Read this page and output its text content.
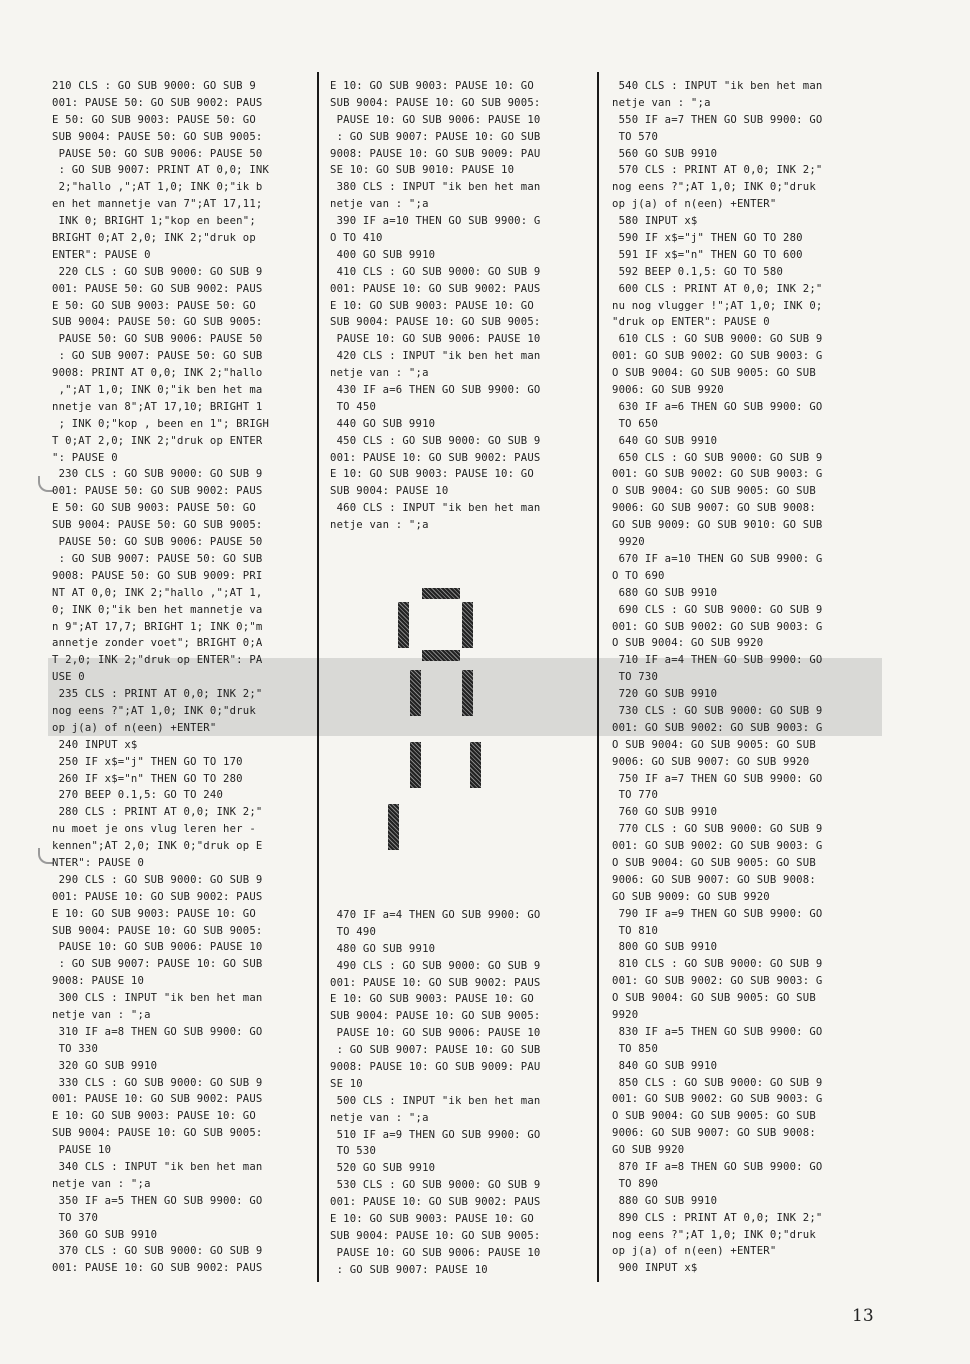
210 CLS : GO SUB 9000: GO SUB 9
001: PAUSE 50: GO SUB 9002: PAUS
E 50: GO SUB 9003: PAUSE 50: GO
SUB 9004: PAUSE 50: GO SUB 9005:
PAUSE 50: GO SUB 9006: PAUSE 50
: GO SUB 9007: PRINT AT 0,0; INK
2;"hallo ,";AT 1,0; INK 0;"ik b
en het mannetje van 7";AT 17,11;
INK 0; BRIGHT 1;"kop en been";
BRIGHT 0;AT 2,0; INK 2;"druk op
ENTER": PAUSE 0
220 CLS : GO SUB 9000: GO SUB 9
001: PAUSE 50: GO SUB 9002: PAUS
E 50: GO SUB 9003: PAUSE 50: GO
SUB 9004: PAUSE 50: GO SUB 9005:
PAUSE 50: GO SUB 9006: PAUSE 50
: GO SUB 9007: PAUSE 50: GO SUB
9008: PRINT AT 0,0; INK 2;"hallo
,";AT 1,0; INK 0;"ik ben het ma
nnetje van 8";AT 17,10; BRIGHT 1
; INK 0;"kop , been en 1"; BRIGH
T 0;AT 2,0; INK 2;"druk op ENTER
": PAUSE 0
230 CLS : GO SUB 9000: GO SUB 9
001: PAUSE 50: GO SUB 9002: PAUS
E 50: GO SUB 9003: PAUSE 50: GO
SUB 9004: PAUSE 50: GO SUB 9005:
PAUSE 50: GO SUB 9006: PAUSE 50
: GO SUB 9007: PAUSE 50: GO SUB
9008: PAUSE 50: GO SUB 9009: PRI
NT AT 0,0; INK 2;"hallo ,";AT 1,
0; INK 0;"ik ben het mannetje va
n 9";AT 17,7; BRIGHT 1; INK 0;"m
annetje zonder voet"; BRIGHT 0;A
T 2,0; INK 2;"druk op ENTER": PA
USE 0
235 CLS : PRINT AT 0,0; INK 2;"
nog eens ?";AT 1,0; INK 0;"druk
op j(a) of n(een) +ENTER"
240 INPUT x$
250 IF x$="j" THEN GO TO 170
260 IF x$="n" THEN GO TO 280
270 BEEP 0.1,5: GO TO 240
280 CLS : PRINT AT 0,0; INK 2;"
nu moet je ons vlug leren her -
kennen";AT 2,0; INK 0;"druk op E
NTER": PAUSE 0
290 CLS : GO SUB 9000: GO SUB 9
001: PAUSE 10: GO SUB 9002: PAUS
E 10: GO SUB 9003: PAUSE 10: GO
SUB 9004: PAUSE 10: GO SUB 9005:
PAUSE 10: GO SUB 9006: PAUSE 10
: GO SUB 9007: PAUSE 10: GO SUB
9008: PAUSE 10
300 CLS : INPUT "ik ben het man
netje van : ";a
310 IF a=8 THEN GO SUB 9900: GO
TO 330
320 GO SUB 9910
330 CLS : GO SUB 9000: GO SUB 9
001: PAUSE 10: GO SUB 9002: PAUS
E 10: GO SUB 9003: PAUSE 10: GO
SUB 9004: PAUSE 10: GO SUB 9005:
PAUSE 10
340 CLS : INPUT "ik ben het man
netje van : ";a
350 IF a=5 THEN GO SUB 9900: GO
TO 370
360 GO SUB 9910
370 CLS : GO SUB 9000: GO SUB 9
001: PAUSE 10: GO SUB 9002: PAUS
E 10: GO SUB 9003: PAUSE 10: GO
SUB 9004: PAUSE 10: GO SUB 9005:
PAUSE 10: GO SUB 9006: PAUSE 10
: GO SUB 9007: PAUSE 10: GO SUB
9008: PAUSE 10: GO SUB 9009: PAU
SE 10: GO SUB 9010: PAUSE 10
380 CLS : INPUT "ik ben het man
netje van : ";a
390 IF a=10 THEN GO SUB 9900: G
O TO 410
400 GO SUB 9910
410 CLS : GO SUB 9000: GO SUB 9
001: PAUSE 10: GO SUB 9002: PAUS
E 10: GO SUB 9003: PAUSE 10: GO
SUB 9004: PAUSE 10: GO SUB 9005:
PAUSE 10: GO SUB 9006: PAUSE 10
420 CLS : INPUT "ik ben het man
netje van : ";a
430 IF a=6 THEN GO SUB 9900: GO
TO 450
440 GO SUB 9910
450 CLS : GO SUB 9000: GO SUB 9
001: PAUSE 10: GO SUB 9002: PAUS
E 10: GO SUB 9003: PAUSE 10: GO
SUB 9004: PAUSE 10
460 CLS : INPUT "ik ben het man
netje van : ";a
470 IF a=4 THEN GO SUB 9900: GO
TO 490
480 GO SUB 9910
490 CLS : GO SUB 9000: GO SUB 9
001: PAUSE 10: GO SUB 9002: PAUS
E 10: GO SUB 9003: PAUSE 10: GO
SUB 9004: PAUSE 10: GO SUB 9005:
PAUSE 10: GO SUB 9006: PAUSE 10
: GO SUB 9007: PAUSE 10: GO SUB
9008: PAUSE 10: GO SUB 9009: PAU
SE 10
500 CLS : INPUT "ik ben het man
netje van : ";a
510 IF a=9 THEN GO SUB 9900: GO
TO 530
520 GO SUB 9910
530 CLS : GO SUB 9000: GO SUB 9
001: PAUSE 10: GO SUB 9002: PAUS
E 10: GO SUB 9003: PAUSE 10: GO
SUB 9004: PAUSE 10: GO SUB 9005:
PAUSE 10: GO SUB 9006: PAUSE 10
: GO SUB 9007: PAUSE 10
540 CLS : INPUT "ik ben het man
netje van : ";a
550 IF a=7 THEN GO SUB 9900: GO
TO 570
560 GO SUB 9910
570 CLS : PRINT AT 0,0; INK 2;"
nog eens ?";AT 1,0; INK 0;"druk
op j(a) of n(een) +ENTER"
580 INPUT x$
590 IF x$="j" THEN GO TO 280
591 IF x$="n" THEN GO TO 600
592 BEEP 0.1,5: GO TO 580
600 CLS : PRINT AT 0,0; INK 2;"
nu nog vlugger !";AT 1,0; INK 0;
"druk op ENTER": PAUSE 0
610 CLS : GO SUB 9000: GO SUB 9
001: GO SUB 9002: GO SUB 9003: G
O SUB 9004: GO SUB 9005: GO SUB
9006: GO SUB 9920
630 IF a=6 THEN GO SUB 9900: GO
TO 650
640 GO SUB 9910
650 CLS : GO SUB 9000: GO SUB 9
001: GO SUB 9002: GO SUB 9003: G
O SUB 9004: GO SUB 9005: GO SUB
9006: GO SUB 9007: GO SUB 9008:
GO SUB 9009: GO SUB 9010: GO SUB
9920
670 IF a=10 THEN GO SUB 9900: G
O TO 690
680 GO SUB 9910
690 CLS : GO SUB 9000: GO SUB 9
001: GO SUB 9002: GO SUB 9003: G
O SUB 9004: GO SUB 9920
710 IF a=4 THEN GO SUB 9900: GO
TO 730
720 GO SUB 9910
730 CLS : GO SUB 9000: GO SUB 9
001: GO SUB 9002: GO SUB 9003: G
O SUB 9004: GO SUB 9005: GO SUB
9006: GO SUB 9007: GO SUB 9920
750 IF a=7 THEN GO SUB 9900: GO
TO 770
760 GO SUB 9910
770 CLS : GO SUB 9000: GO SUB 9
001: GO SUB 9002: GO SUB 9003: G
O SUB 9004: GO SUB 9005: GO SUB
9006: GO SUB 9007: GO SUB 9008:
GO SUB 9009: GO SUB 9920
790 IF a=9 THEN GO SUB 9900: GO
TO 810
800 GO SUB 9910
810 CLS : GO SUB 9000: GO SUB 9
001: GO SUB 9002: GO SUB 9003: G
O SUB 9004: GO SUB 9005: GO SUB
9920
830 IF a=5 THEN GO SUB 9900: GO
TO 850
840 GO SUB 9910
850 CLS : GO SUB 9000: GO SUB 9
001: GO SUB 9002: GO SUB 9003: G
O SUB 9004: GO SUB 9005: GO SUB
9006: GO SUB 9007: GO SUB 9008:
GO SUB 9920
870 IF a=8 THEN GO SUB 9900: GO
TO 890
880 GO SUB 9910
890 CLS : PRINT AT 0,0; INK 2;"
nog eens ?";AT 1,0; INK 0;"druk
op j(a) of n(een) +ENTER"
900 INPUT x$
13
